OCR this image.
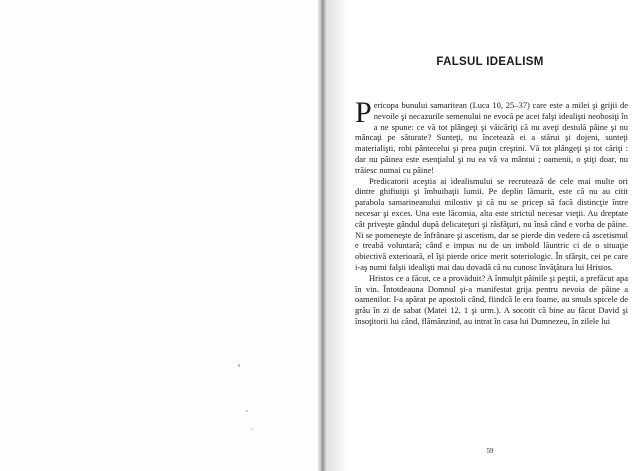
FALSUL IDEALISM

Pericopa bunului samaritean (Luca 10, 25–37) care este a milei şi grijii de nevoile şi necazurile semenului ne evocă pe acei falşi idealişti neobosiţi în a ne spune: ce vă tot plângeţi şi văicăriţi că nu aveţi destulă pâine şi nu mâncaţi pe săturate? Sunteţi, nu încetează ei a stărui şi dojeni, sunteţi materialişti, robi pântecelui şi prea puţin creştini. Vă tot plângeţi şi tot căriţi : dar nu pâinea este esenţialul şi nu ea vă va mântui ; oamenii, o ştiţi doar, nu trăiesc numai cu pâine!

Predicatorii aceştia ai idealismului se recrutează de cele mai multe ori dintre ghiftuiţii şi îmbuibaţii lumii. Pe deplin lămurit, este că nu au citit parabola samarineanului milostiv şi că nu se pricep să facă distincţie între necesar şi exces. Una este lăcomia, alta este strictul necesar vieţii. Au dreptate cât priveşte gândul după delicateţuri şi răsfăţuri, nu însă când e vorba de pâine. Ni se pomeneşte de înfrânare şi ascetism, dar se pierde din vedere că ascetismul e treabă voluntară; când e impus nu de un imbold lăuntric ci de o situaţie obiectivă exterioară, el îşi pierde orice merit soteriologic. În sfârşit, cei pe care i-aş numi falşii idealişti mai dau dovadă că nu cunosc învăţătura lui Hristos.

Hristos ce a făcut, ce a proväduit? A înmulţit pâinile şi peştii, a prefăcut apa în vin. Întotdeauna Domnul şi-a manifestat grija pentru nevoia de pâine a oamenilor. I-a apărat pe apostoli când, fiindcă le era foame, au smuls spicele de grâu în zi de sabat (Matei 12, 1 şi urm.). A socotit că bine au făcut David şi însoţitorii lui când, flămânzind, au intrat în casa lui Dumnezeu, în zilele lui

59
